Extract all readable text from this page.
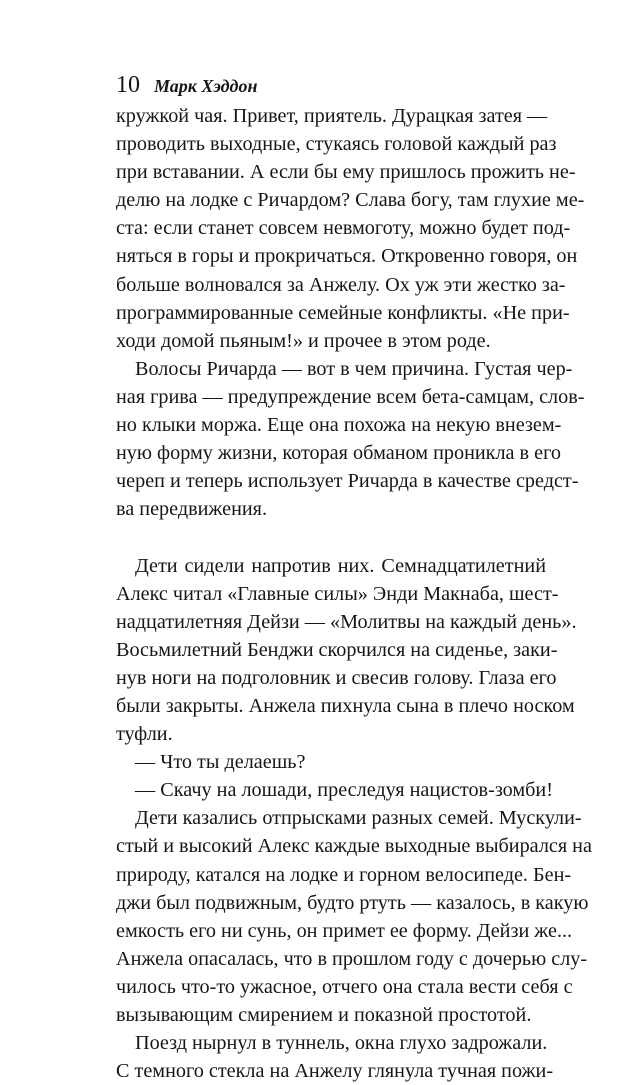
10 Марк Хэддон
кружкой чая. Привет, приятель. Дурацкая затея —
проводить выходные, стукаясь головой каждый раз
при вставании. А если бы ему пришлось прожить не-
делю на лодке с Ричардом? Слава богу, там глухие ме-
ста: если станет совсем невмоготу, можно будет под-
няться в горы и прокричаться. Откровенно говоря, он
больше волновался за Анжелу. Ох уж эти жестко за-
программированные семейные конфликты. «Не при-
ходи домой пьяным!» и прочее в этом роде.
Волосы Ричарда — вот в чем причина. Густая чер-
ная грива — предупреждение всем бета-самцам, слов-
но клыки моржа. Еще она похожа на некую внезем-
ную форму жизни, которая обманом проникла в его
череп и теперь использует Ричарда в качестве средст-
ва передвижения.
Дети сидели напротив них. Семнадцатилетний
Алекс читал «Главные силы» Энди Макнаба, шест-
надцатилетняя Дейзи — «Молитвы на каждый день».
Восьмилетний Бенджи скорчился на сиденье, заки-
нув ноги на подголовник и свесив голову. Глаза его
были закрыты. Анжела пихнула сына в плечо носком
туфли.
— Что ты делаешь?
— Скачу на лошади, преследуя нацистов-зомби!
Дети казались отпрысками разных семей. Мускули-
стый и высокий Алекс каждые выходные выбирался на
природу, катался на лодке и горном велосипеде. Бен-
джи был подвижным, будто ртуть — казалось, в какую
емкость его ни сунь, он примет ее форму. Дейзи же...
Анжела опасалась, что в прошлом году с дочерью слу-
чилось что-то ужасное, отчего она стала вести себя с
вызывающим смирением и показной простотой.
Поезд нырнул в туннель, окна глухо задрожали.
С темного стекла на Анжелу глянула тучная пожи-
